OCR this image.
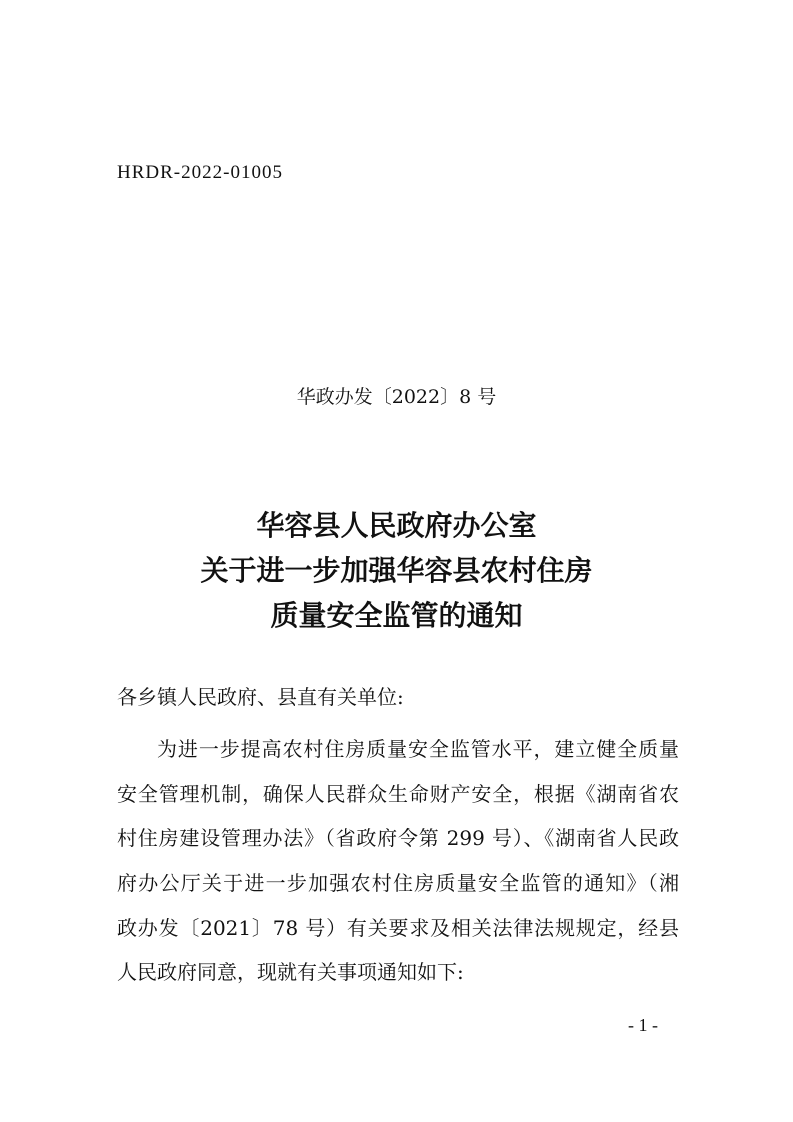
HRDR-2022-01005
华政办发〔2022〕8 号
华容县人民政府办公室
关于进一步加强华容县农村住房
质量安全监管的通知
各乡镇人民政府、县直有关单位:
为进一步提高农村住房质量安全监管水平，建立健全质量
安全管理机制，确保人民群众生命财产安全，根据《湖南省农
村住房建设管理办法》（省政府令第 299 号）、《湖南省人民政
府办公厅关于进一步加强农村住房质量安全监管的通知》（湘
政办发〔2021〕78 号）有关要求及相关法律法规规定，经县
人民政府同意，现就有关事项通知如下:
- 1 -
